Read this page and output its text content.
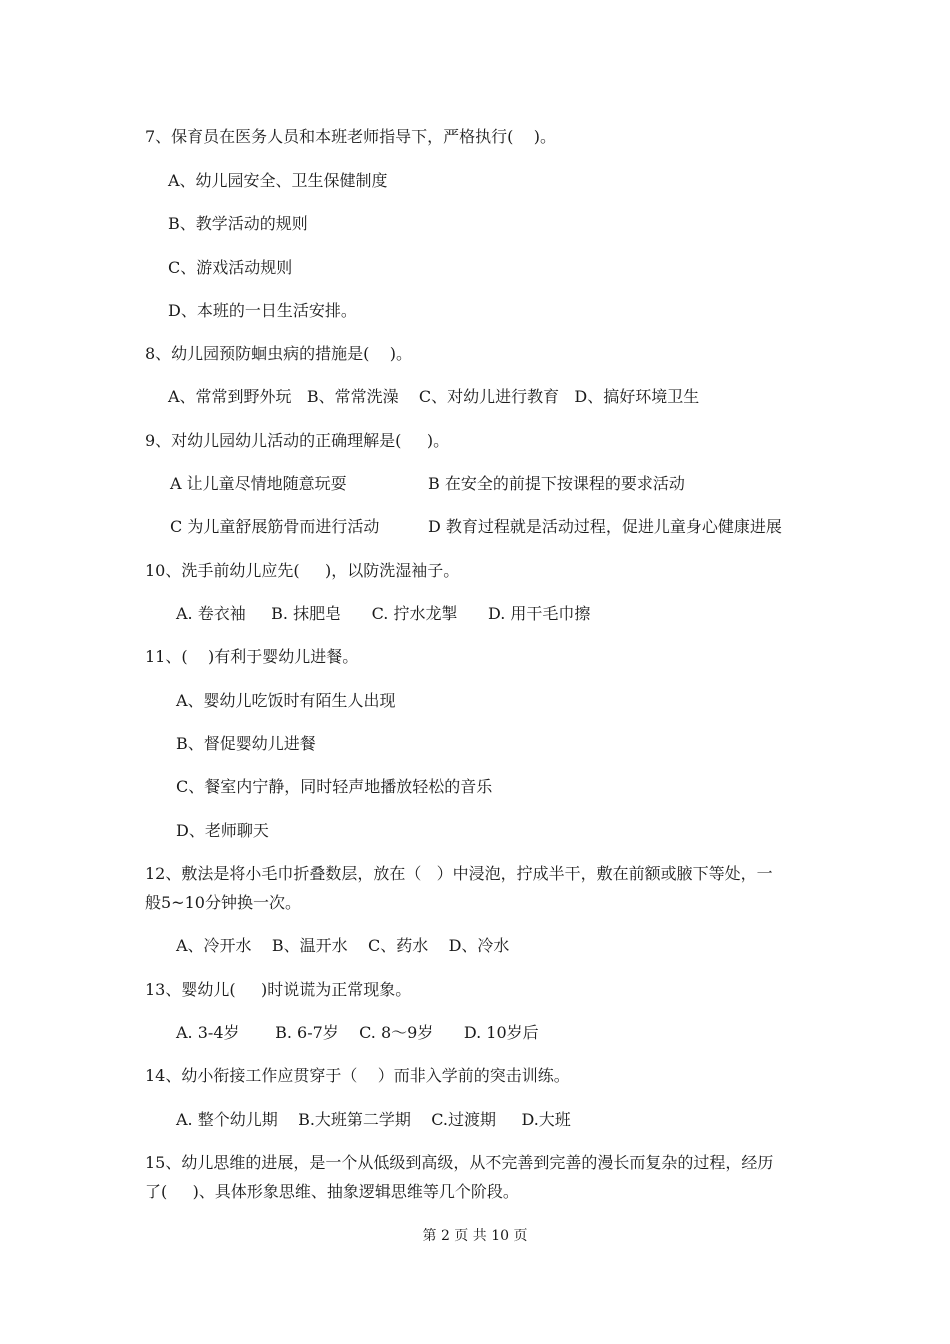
7、保育员在医务人员和本班老师指导下，严格执行(    )。
A、幼儿园安全、卫生保健制度
B、教学活动的规则
C、游戏活动规则
D、本班的一日生活安排。
8、幼儿园预防蛔虫病的措施是(    )。
A、常常到野外玩   B、常常洗澡    C、对幼儿进行教育   D、搞好环境卫生
9、对幼儿园幼儿活动的正确理解是(     )。
A 让儿童尽情地随意玩耍	B 在安全的前提下按课程的要求活动
C 为儿童舒展筋骨而进行活动	D 教育过程就是活动过程，促进儿童身心健康进展
10、洗手前幼儿应先(     )，以防洗湿袖子。
A. 卷衣袖     B. 抹肥皂      C. 拧水龙掣      D. 用干毛巾擦
11、(    )有利于婴幼儿进餐。
A、婴幼儿吃饭时有陌生人出现
B、督促婴幼儿进餐
C、餐室内宁静，同时轻声地播放轻松的音乐
D、老师聊天
12、敷法是将小毛巾折叠数层，放在（   ）中浸泡，拧成半干，敷在前额或腋下等处，一
般5~10分钟换一次。
A、冷开水    B、温开水    C、药水    D、冷水
13、婴幼儿(     )时说谎为正常现象。
A. 3-4岁       B. 6-7岁    C. 8～9岁      D. 10岁后
14、幼小衔接工作应贯穿于（    ）而非入学前的突击训练。
A. 整个幼儿期    B.大班第二学期    C.过渡期     D.大班
15、幼儿思维的进展，是一个从低级到高级，从不完善到完善的漫长而复杂的过程，经历
了(     )、具体形象思维、抽象逻辑思维等几个阶段。
第 2 页 共 10 页
